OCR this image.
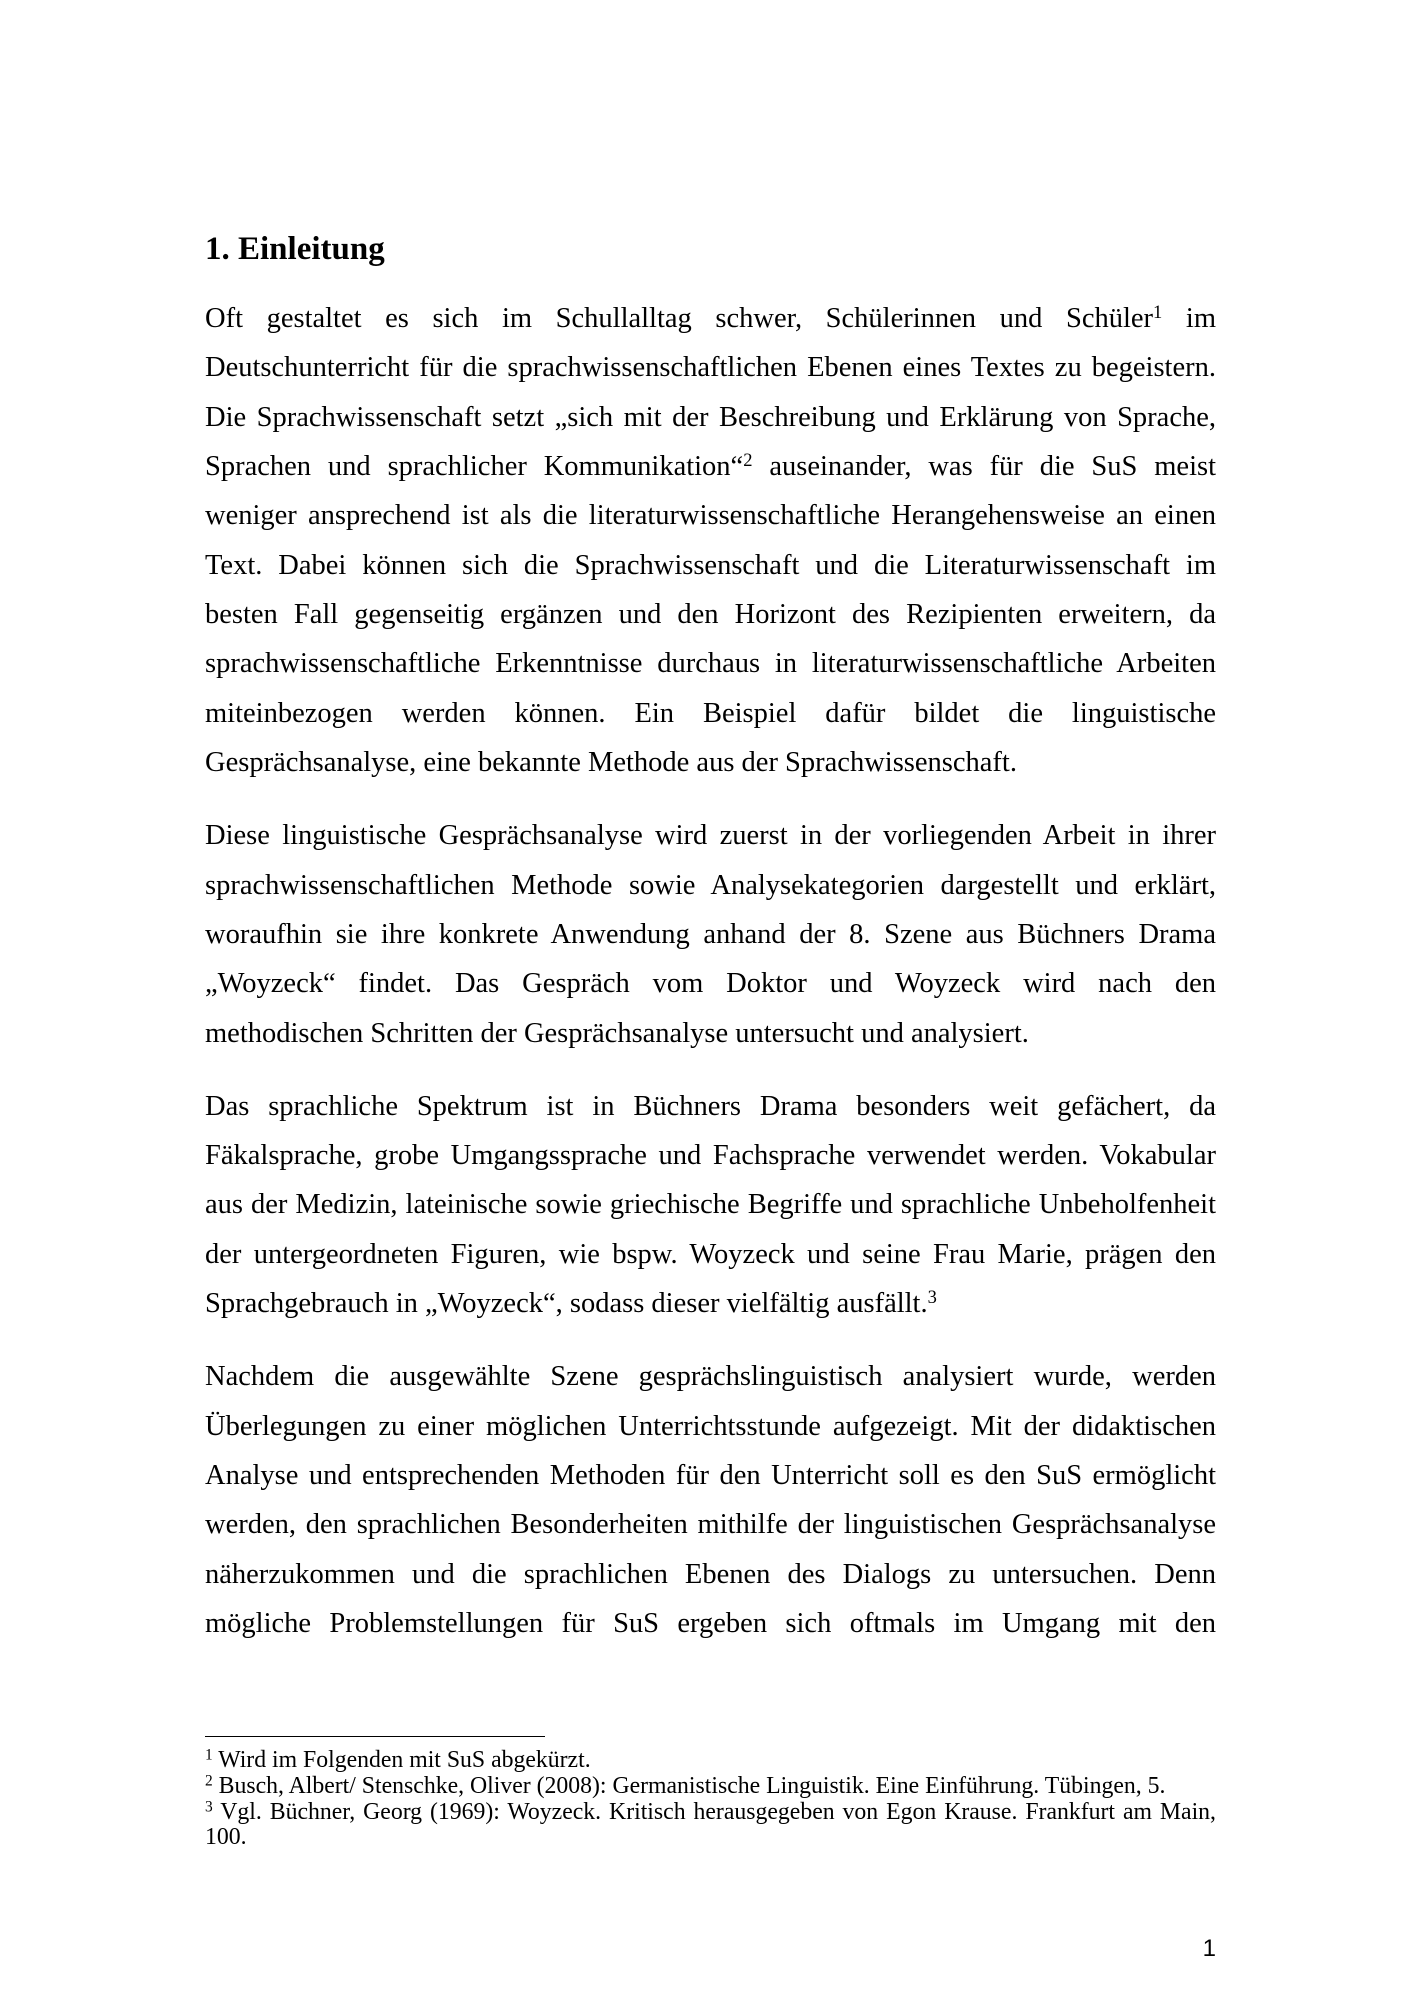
1. Einleitung
Oft gestaltet es sich im Schullalltag schwer, Schülerinnen und Schüler$^1$ im
Deutschunterricht für die sprachwissenschaftlichen Ebenen eines Textes zu begeistern.
Die Sprachwissenschaft setzt „sich mit der Beschreibung und Erklärung von Sprache,
Sprachen und sprachlicher Kommunikation“$^2$ auseinander, was für die SuS meist
weniger ansprechend ist als die literaturwissenschaftliche Herangehensweise an einen
Text. Dabei können sich die Sprachwissenschaft und die Literaturwissenschaft im
besten Fall gegenseitig ergänzen und den Horizont des Rezipienten erweitern, da
sprachwissenschaftliche Erkenntnisse durchaus in literaturwissenschaftliche Arbeiten
miteinbezogen werden können. Ein Beispiel dafür bildet die linguistische
Gesprächsanalyse, eine bekannte Methode aus der Sprachwissenschaft.
Diese linguistische Gesprächsanalyse wird zuerst in der vorliegenden Arbeit in ihrer
sprachwissenschaftlichen Methode sowie Analysekategorien dargestellt und erklärt,
woraufhin sie ihre konkrete Anwendung anhand der 8. Szene aus Büchners Drama
„Woyzeck“ findet. Das Gespräch vom Doktor und Woyzeck wird nach den
methodischen Schritten der Gesprächsanalyse untersucht und analysiert.
Das sprachliche Spektrum ist in Büchners Drama besonders weit gefächert, da
Fäkalsprache, grobe Umgangssprache und Fachsprache verwendet werden. Vokabular
aus der Medizin, lateinische sowie griechische Begriffe und sprachliche Unbeholfenheit
der untergeordneten Figuren, wie bspw. Woyzeck und seine Frau Marie, prägen den
Sprachgebrauch in „Woyzeck“, sodass dieser vielfältig ausfällt.$^3$
Nachdem die ausgewählte Szene gesprächslinguistisch analysiert wurde, werden
Überlegungen zu einer möglichen Unterrichtsstunde aufgezeigt. Mit der didaktischen
Analyse und entsprechenden Methoden für den Unterricht soll es den SuS ermöglicht
werden, den sprachlichen Besonderheiten mithilfe der linguistischen Gesprächsanalyse
näherzukommen und die sprachlichen Ebenen des Dialogs zu untersuchen. Denn
mögliche Problemstellungen für SuS ergeben sich oftmals im Umgang mit den
$^1$ Wird im Folgenden mit SuS abgekürzt.
$^2$ Busch, Albert/ Stenschke, Oliver (2008): Germanistische Linguistik. Eine Einführung. Tübingen, 5.
$^3$ Vgl. Büchner, Georg (1969): Woyzeck. Kritisch herausgegeben von Egon Krause. Frankfurt am Main,
100.
1
